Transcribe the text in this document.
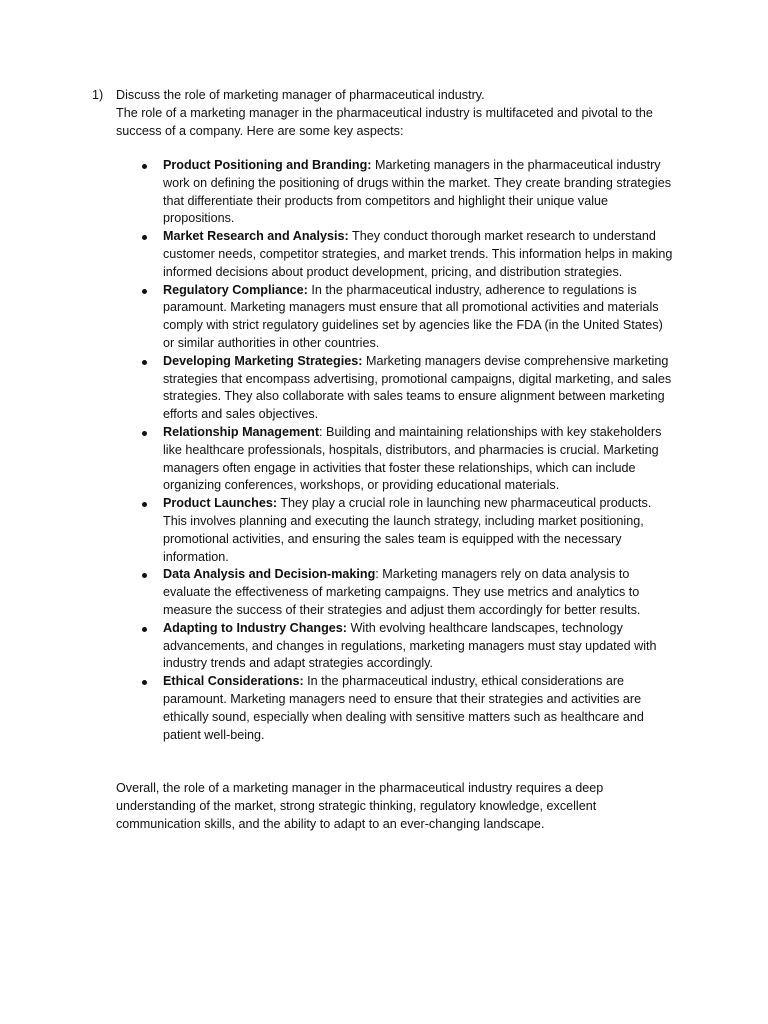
1) Discuss the role of marketing manager of pharmaceutical industry.

The role of a marketing manager in the pharmaceutical industry is multifaceted and pivotal to the success of a company. Here are some key aspects:

Product Positioning and Branding: Marketing managers in the pharmaceutical industry work on defining the positioning of drugs within the market. They create branding strategies that differentiate their products from competitors and highlight their unique value propositions.
Market Research and Analysis: They conduct thorough market research to understand customer needs, competitor strategies, and market trends. This information helps in making informed decisions about product development, pricing, and distribution strategies.
Regulatory Compliance: In the pharmaceutical industry, adherence to regulations is paramount. Marketing managers must ensure that all promotional activities and materials comply with strict regulatory guidelines set by agencies like the FDA (in the United States) or similar authorities in other countries.
Developing Marketing Strategies: Marketing managers devise comprehensive marketing strategies that encompass advertising, promotional campaigns, digital marketing, and sales strategies. They also collaborate with sales teams to ensure alignment between marketing efforts and sales objectives.
Relationship Management: Building and maintaining relationships with key stakeholders like healthcare professionals, hospitals, distributors, and pharmacies is crucial. Marketing managers often engage in activities that foster these relationships, which can include organizing conferences, workshops, or providing educational materials.
Product Launches: They play a crucial role in launching new pharmaceutical products. This involves planning and executing the launch strategy, including market positioning, promotional activities, and ensuring the sales team is equipped with the necessary information.
Data Analysis and Decision-making: Marketing managers rely on data analysis to evaluate the effectiveness of marketing campaigns. They use metrics and analytics to measure the success of their strategies and adjust them accordingly for better results.
Adapting to Industry Changes: With evolving healthcare landscapes, technology advancements, and changes in regulations, marketing managers must stay updated with industry trends and adapt strategies accordingly.
Ethical Considerations: In the pharmaceutical industry, ethical considerations are paramount. Marketing managers need to ensure that their strategies and activities are ethically sound, especially when dealing with sensitive matters such as healthcare and patient well-being.

Overall, the role of a marketing manager in the pharmaceutical industry requires a deep understanding of the market, strong strategic thinking, regulatory knowledge, excellent communication skills, and the ability to adapt to an ever-changing landscape.
